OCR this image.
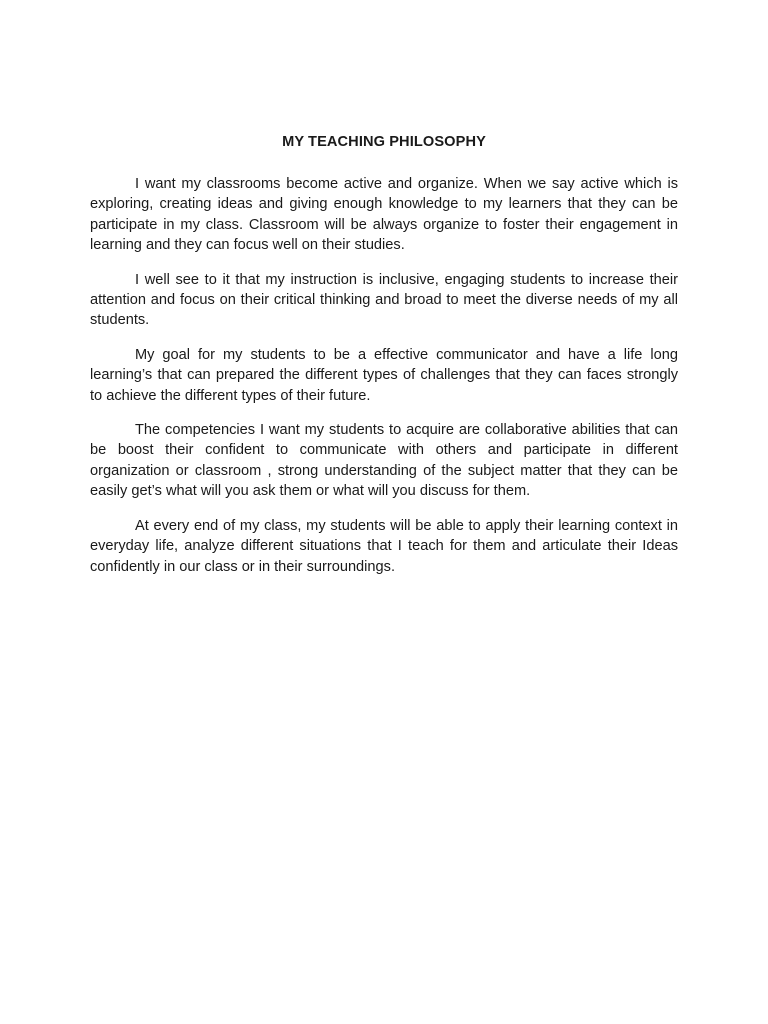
MY TEACHING PHILOSOPHY

I want my classrooms become active and organize. When we say active which is exploring, creating ideas and giving enough knowledge to my learners that they can be participate in my class. Classroom will be always organize to foster their engagement in learning and they can focus well on their studies.

I well see to it that my instruction is inclusive, engaging students to increase their attention and focus on their critical thinking and broad to meet the diverse needs of my all students.

My goal for my students to be a effective communicator and have a life long learning’s that can prepared the different types of challenges that they can faces strongly to achieve the different types of their future.

The competencies I want my students to acquire are collaborative abilities that can be boost their confident to communicate with others and participate in different organization or classroom , strong understanding of the subject matter that they can be easily get’s what will you ask them or what will you discuss for them.

At every end of my class, my students will be able to apply their learning context in everyday life, analyze different situations that I teach for them and articulate their Ideas confidently in our class or in their surroundings.
